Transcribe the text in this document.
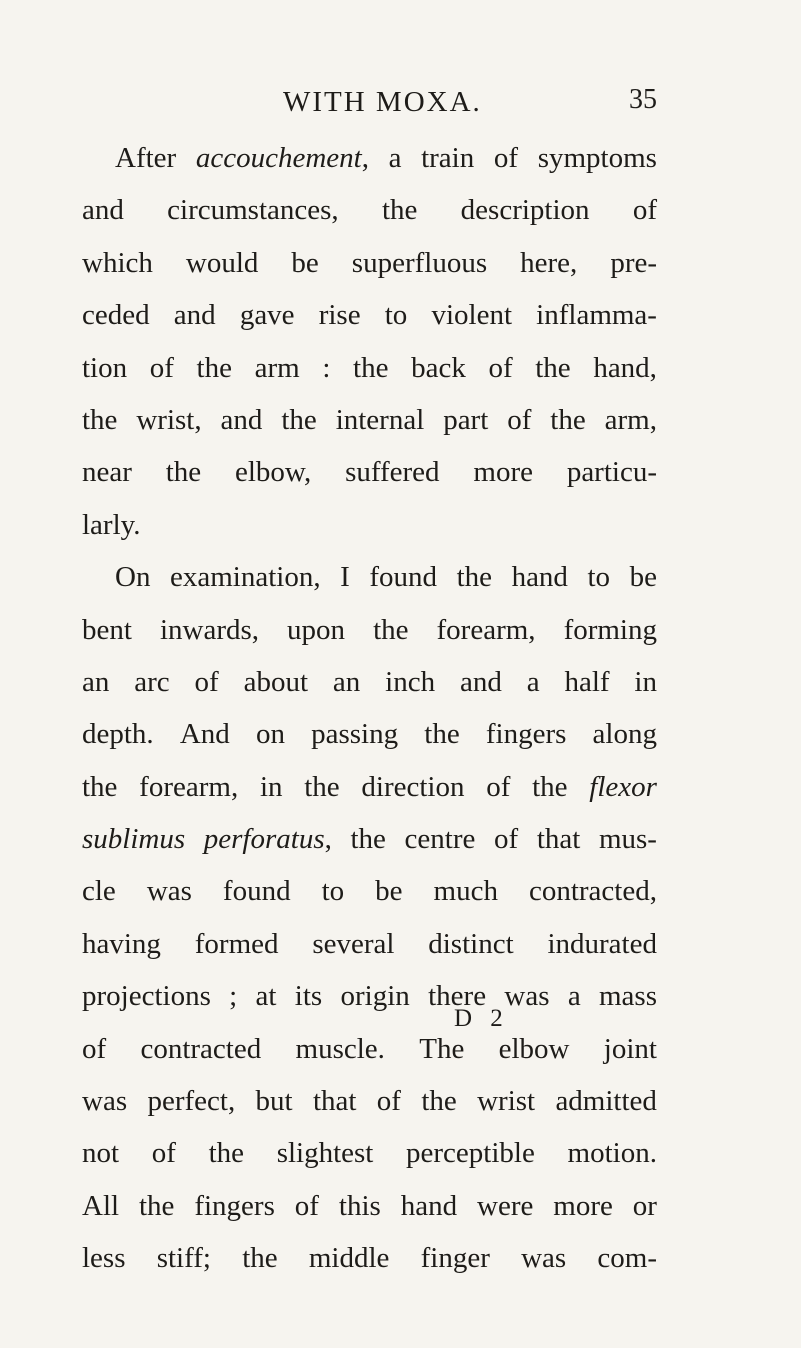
WITH MOXA.	35
After accouchement, a train of symptoms
and circumstances, the description of
which would be superfluous here, pre-
ceded and gave rise to violent inflamma-
tion of the arm : the back of the hand,
the wrist, and the internal part of the arm,
near the elbow, suffered more particu-
larly.
On examination, I found the hand to be
bent inwards, upon the forearm, forming
an arc of about an inch and a half in
depth. And on passing the fingers along
the forearm, in the direction of the flexor
sublimus perforatus, the centre of that mus-
cle was found to be much contracted,
having formed several distinct indurated
projections ; at its origin there was a mass
of contracted muscle. The elbow joint
was perfect, but that of the wrist admitted
not of the slightest perceptible motion.
All the fingers of this hand were more or
less stiff; the middle finger was com-
D 2
